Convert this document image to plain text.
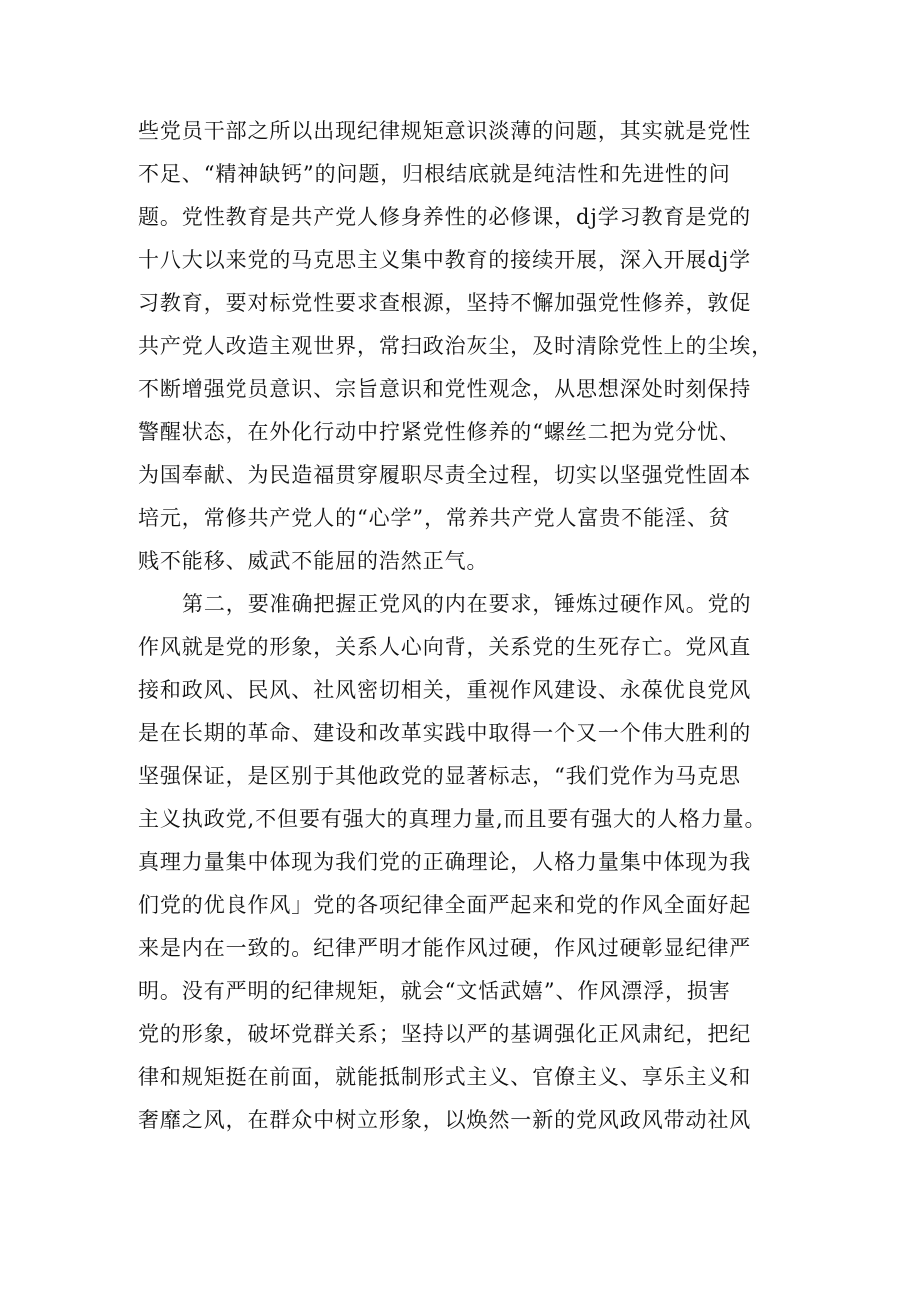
些党员干部之所以出现纪律规矩意识淡薄的问题，其实就是党性
不足、“精神缺钙”的问题，归根结底就是纯洁性和先进性的问
题。党性教育是共产党人修身养性的必修课，dj学习教育是党的
十八大以来党的马克思主义集中教育的接续开展，深入开展dj学
习教育，要对标党性要求查根源，坚持不懈加强党性修养，敦促
共产党人改造主观世界，常扫政治灰尘，及时清除党性上的尘埃，
不断增强党员意识、宗旨意识和党性观念，从思想深处时刻保持
警醒状态，在外化行动中拧紧党性修养的“螺丝二把为党分忧、
为国奉献、为民造福贯穿履职尽责全过程，切实以坚强党性固本
培元，常修共产党人的“心学”，常养共产党人富贵不能淫、贫
贱不能移、威武不能屈的浩然正气。
第二，要准确把握正党风的内在要求，锤炼过硬作风。党的
作风就是党的形象，关系人心向背，关系党的生死存亡。党风直
接和政风、民风、社风密切相关，重视作风建设、永葆优良党风
是在长期的革命、建设和改革实践中取得一个又一个伟大胜利的
坚强保证，是区别于其他政党的显著标志，“我们党作为马克思
主义执政党,不但要有强大的真理力量,而且要有强大的人格力量。
真理力量集中体现为我们党的正确理论，人格力量集中体现为我
们党的优良作风」党的各项纪律全面严起来和党的作风全面好起
来是内在一致的。纪律严明才能作风过硬，作风过硬彰显纪律严
明。没有严明的纪律规矩，就会“文恬武嬉”、作风漂浮，损害
党的形象，破坏党群关系；坚持以严的基调强化正风肃纪，把纪
律和规矩挺在前面，就能抵制形式主义、官僚主义、享乐主义和
奢靡之风，在群众中树立形象，以焕然一新的党风政风带动社风
